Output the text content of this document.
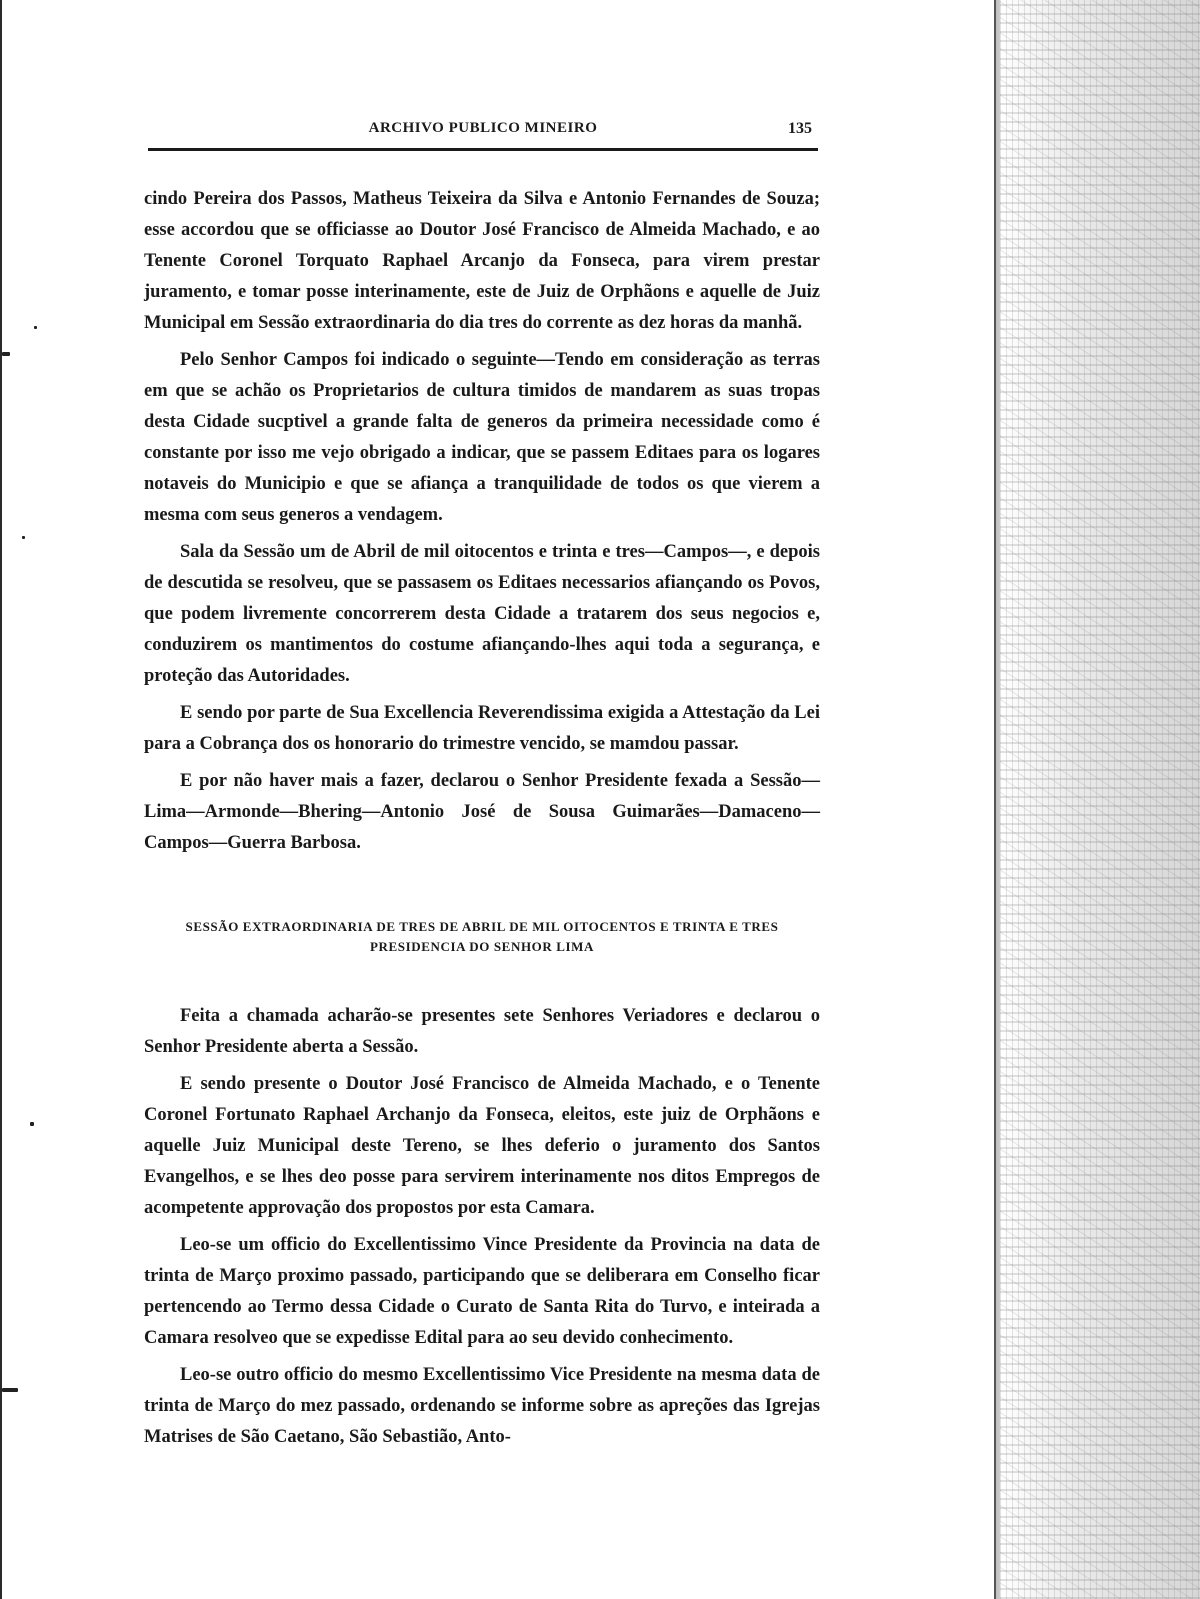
ARCHIVO PUBLICO MINEIRO	135

cindo Pereira dos Passos, Matheus Teixeira da Silva e Antonio Fernandes de Souza; esse accordou que se officiasse ao Doutor José Francisco de Almeida Machado, e ao Tenente Coronel Torquato Raphael Arcanjo da Fonseca, para virem prestar juramento, e tomar posse interinamente, este de Juiz de Orphãons e aquelle de Juiz Municipal em Sessão extraordinaria do dia tres do corrente as dez horas da manhã.

Pelo Senhor Campos foi indicado o seguinte—Tendo em consideração as terras em que se achão os Proprietarios de cultura timidos de mandarem as suas tropas desta Cidade sucptivel a grande falta de generos da primeira necessidade como é constante por isso me vejo obrigado a indicar, que se passem Editaes para os logares notaveis do Municipio e que se afiança a tranquilidade de todos os que vierem a mesma com seus generos a vendagem.

Sala da Sessão um de Abril de mil oitocentos e trinta e tres—Campos—, e depois de descutida se resolveu, que se passasem os Editaes necessarios afiançando os Povos, que podem livremente concorrerem desta Cidade a tratarem dos seus negocios e, conduzirem os mantimentos do costume afiançando-lhes aqui toda a segurança, e proteção das Autoridades.

E sendo por parte de Sua Excellencia Reverendissima exigida a Attestação da Lei para a Cobrança dos os honorario do trimestre vencido, se mamdou passar.

E por não haver mais a fazer, declarou o Senhor Presidente fexada a Sessão—Lima—Armonde—Bhering—Antonio José de Sousa Guimarães—Damaceno—Campos—Guerra Barbosa.

SESSÃO EXTRAORDINARIA DE TRES DE ABRIL DE MIL OITOCENTOS E TRINTA E TRES
PRESIDENCIA DO SENHOR LIMA

Feita a chamada acharão-se presentes sete Senhores Veriadores e declarou o Senhor Presidente aberta a Sessão.

E sendo presente o Doutor José Francisco de Almeida Machado, e o Tenente Coronel Fortunato Raphael Archanjo da Fonseca, eleitos, este juiz de Orphãons e aquelle Juiz Municipal deste Tereno, se lhes deferio o juramento dos Santos Evangelhos, e se lhes deo posse para servirem interinamente nos ditos Empregos de acompetente approvação dos propostos por esta Camara.

Leo-se um officio do Excellentissimo Vince Presidente da Provincia na data de trinta de Março proximo passado, participando que se deliberara em Conselho ficar pertencendo ao Termo dessa Cidade o Curato de Santa Rita do Turvo, e inteirada a Camara resolveo que se expedisse Edital para ao seu devido conhecimento.

Leo-se outro officio do mesmo Excellentissimo Vice Presidente na mesma data de trinta de Março do mez passado, ordenando se informe sobre as apreções das Igrejas Matrises de São Caetano, São Sebastião, Anto-
